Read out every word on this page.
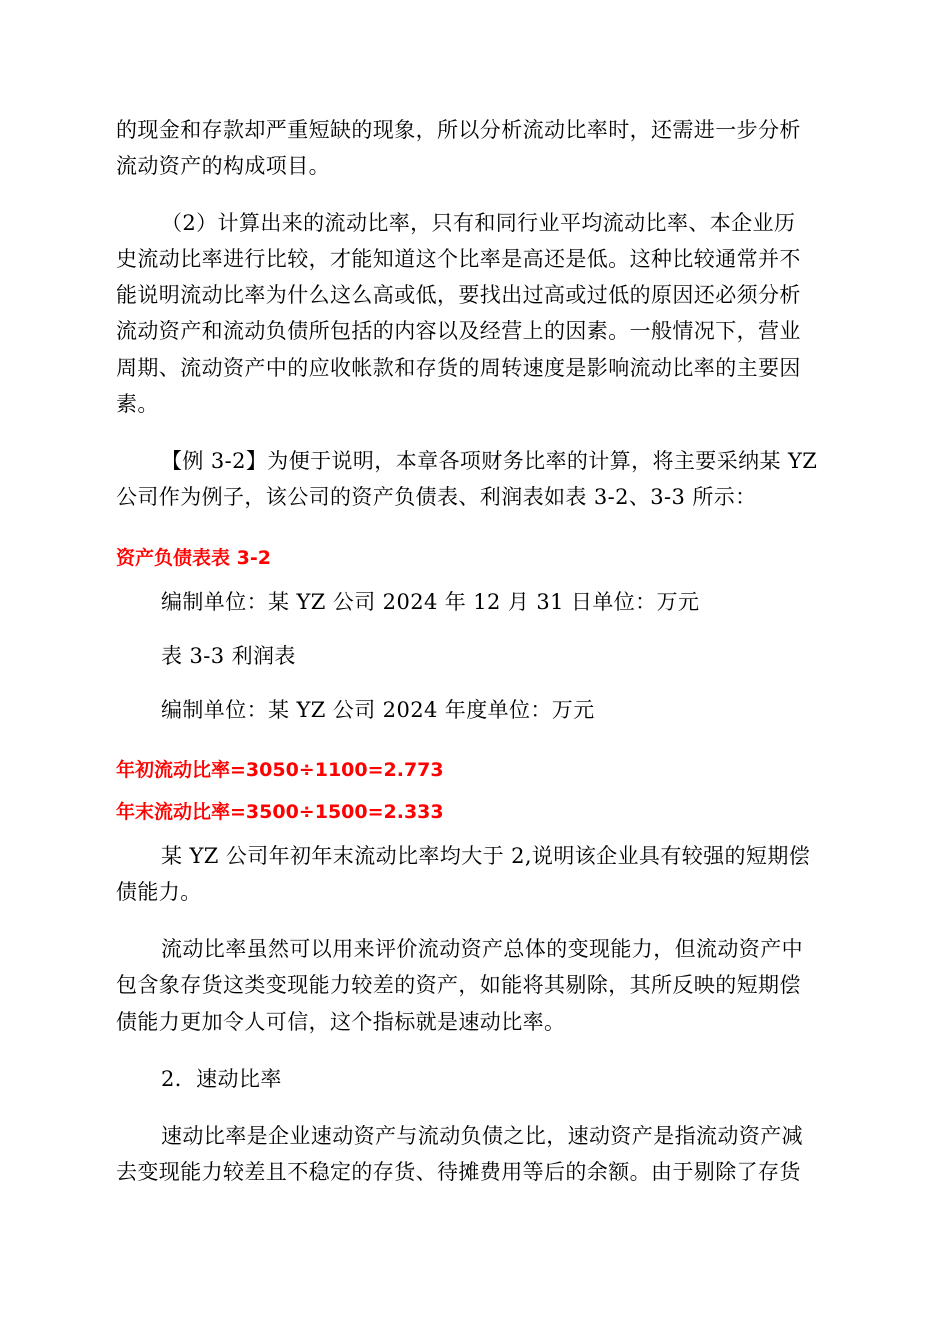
的现金和存款却严重短缺的现象，所以分析流动比率时，还需进一步分析
流动资产的构成项目。
（2）计算出来的流动比率，只有和同行业平均流动比率、本企业历
史流动比率进行比较，才能知道这个比率是高还是低。这种比较通常并不
能说明流动比率为什么这么高或低，要找出过高或过低的原因还必须分析
流动资产和流动负债所包括的内容以及经营上的因素。一般情况下，营业
周期、流动资产中的应收帐款和存货的周转速度是影响流动比率的主要因
素。
【例 3-2】为便于说明，本章各项财务比率的计算，将主要采纳某 YZ
公司作为例子，该公司的资产负债表、利润表如表 3-2、3-3 所示：
资产负债表表 3-2
编制单位：某 YZ 公司 2024 年 12 月 31 日单位：万元
表 3-3 利润表
编制单位：某 YZ 公司 2024 年度单位：万元
年初流动比率=3050÷1100=2.773
年末流动比率=3500÷1500=2.333
某 YZ 公司年初年末流动比率均大于 2,说明该企业具有较强的短期偿
债能力。
流动比率虽然可以用来评价流动资产总体的变现能力，但流动资产中
包含象存货这类变现能力较差的资产，如能将其剔除，其所反映的短期偿
债能力更加令人可信，这个指标就是速动比率。
2．速动比率
速动比率是企业速动资产与流动负债之比，速动资产是指流动资产减
去变现能力较差且不稳定的存货、待摊费用等后的余额。由于剔除了存货
